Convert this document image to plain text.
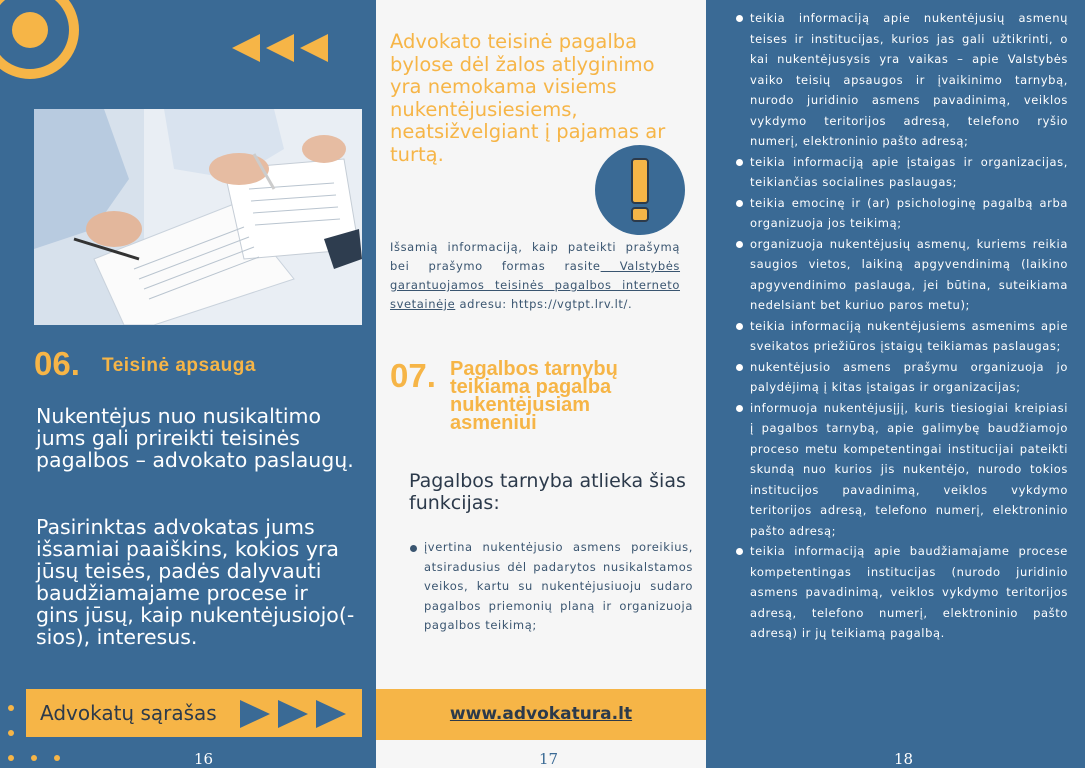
06. Teisinė apsauga
Nukentėjus nuo nusikaltimo jums gali prireikti teisinės pagalbos – advokato paslaugų.
Pasirinktas advokatas jums išsamiai paaiškins, kokios yra jūsų teisės, padės dalyvauti baudžiamajame procese ir gins jūsų, kaip nukentėjusiojo(-sios), interesus.
Advokatų sąrašas
16
Advokato teisinė pagalba bylose dėl žalos atlyginimo yra nemokama visiems nukentėjusiesiems, neatsižvelgiant į pajamas ar turtą.
Išsamią informaciją, kaip pateikti prašymą bei prašymo formas rasite Valstybės garantuojamos teisinės pagalbos interneto svetainėje adresu: https://vgtpt.lrv.lt/.
07. Pagalbos tarnybų teikiama pagalba nukentėjusiam asmeniui
Pagalbos tarnyba atlieka šias funkcijas:
įvertina nukentėjusio asmens poreikius, atsiradusius dėl padarytos nusikalstamos veikos, kartu su nukentėjusiuoju sudaro pagalbos priemonių planą ir organizuoja pagalbos teikimą;
www.advokatura.lt
17
teikia informaciją apie nukentėjusių asmenų teises ir institucijas, kurios jas gali užtikrinti, o kai nukentėjusysis yra vaikas – apie Valstybės vaiko teisių apsaugos ir įvaikinimo tarnybą, nurodo juridinio asmens pavadinimą, veiklos vykdymo teritorijos adresą, telefono ryšio numerį, elektroninio pašto adresą;
teikia informaciją apie įstaigas ir organizacijas, teikiančias socialines paslaugas;
teikia emocinę ir (ar) psichologinę pagalbą arba organizuoja jos teikimą;
organizuoja nukentėjusių asmenų, kuriems reikia saugios vietos, laikiną apgyvendinimą (laikino apgyvendinimo paslauga, jei būtina, suteikiama nedelsiant bet kuriuo paros metu);
teikia informaciją nukentėjusiems asmenims apie sveikatos priežiūros įstaigų teikiamas paslaugas;
nukentėjusio asmens prašymu organizuoja jo palydėjimą į kitas įstaigas ir organizacijas;
informuoja nukentėjusįjį, kuris tiesiogiai kreipiasi į pagalbos tarnybą, apie galimybę baudžiamojo proceso metu kompetentingai institucijai pateikti skundą nuo kurios jis nukentėjo, nurodo tokios institucijos pavadinimą, veiklos vykdymo teritorijos adresą, telefono numerį, elektroninio pašto adresą;
teikia informaciją apie baudžiamajame procese kompetentingas institucijas (nurodo juridinio asmens pavadinimą, veiklos vykdymo teritorijos adresą, telefono numerį, elektroninio pašto adresą) ir jų teikiamą pagalbą.
18
